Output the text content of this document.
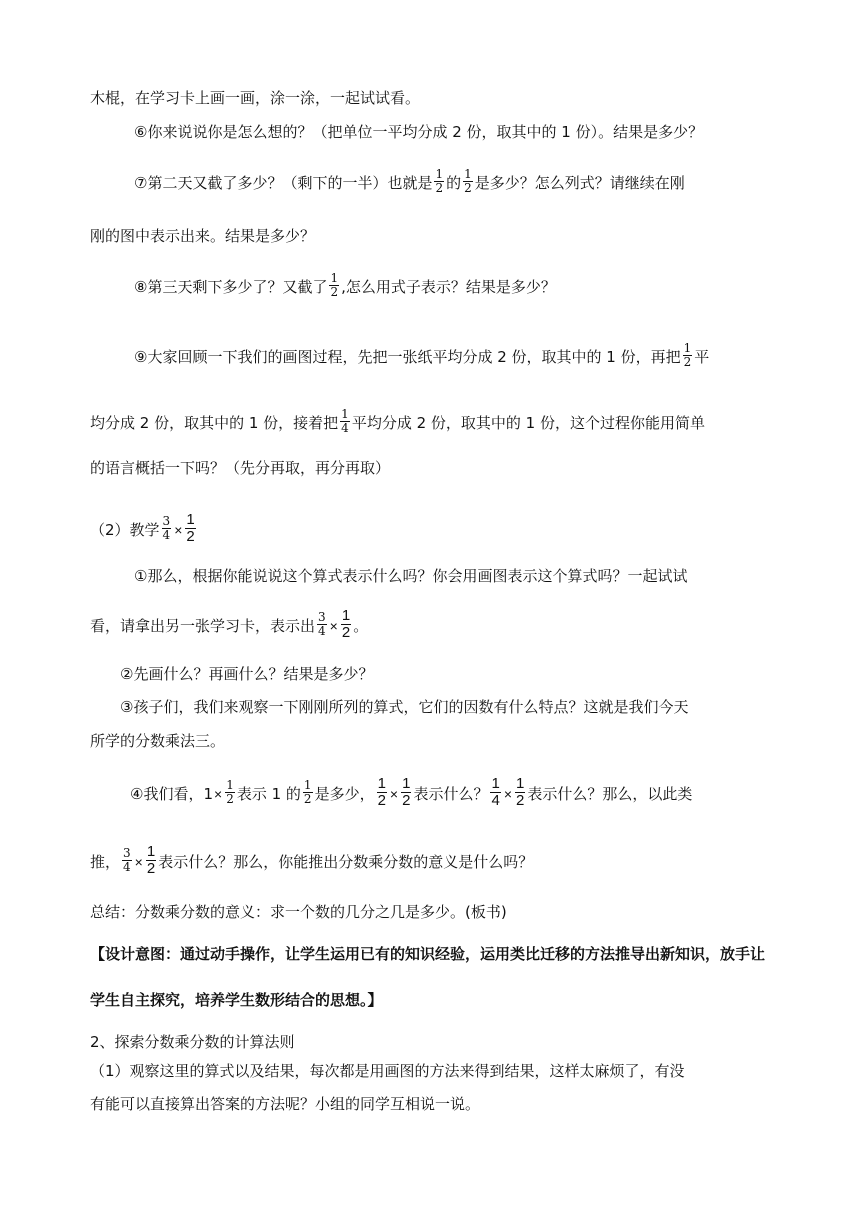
木棍，在学习卡上画一画，涂一涂，一起试试看。
⑥你来说说你是怎么想的？（把单位一平均分成 2 份，取其中的 1 份）。结果是多少？
⑦第二天又截了多少？（剩下的一半）也就是 $\frac{1}{2}$ 的 $\frac{1}{2}$ 是多少？怎么列式？请继续在刚
刚的图中表示出来。结果是多少？
⑧第三天剩下多少了？又截了 $\frac{1}{2}$ ,怎么用式子表示？结果是多少？
⑨大家回顾一下我们的画图过程，先把一张纸平均分成 2 份，取其中的 1 份，再把 $\frac{1}{2}$ 平
均分成 2 份，取其中的 1 份，接着把 $\frac{1}{4}$ 平均分成 2 份，取其中的 1 份，这个过程你能用简单
的语言概括一下吗？（先分再取，再分再取）
（2）教学 $\frac{3}{4} \times \frac{1}{2}$
①那么，根据你能说说这个算式表示什么吗？你会用画图表示这个算式吗？一起试试
看，请拿出另一张学习卡，表示出 $\frac{3}{4} \times \frac{1}{2}$ 。
②先画什么？再画什么？结果是多少？
③孩子们，我们来观察一下刚刚所列的算式，它们的因数有什么特点？这就是我们今天
所学的分数乘法三。
④我们看，$1\times \frac{1}{2}$ 表示 1 的 $\frac{1}{2}$ 是多少， $\frac{1}{2} \times \frac{1}{2}$ 表示什么？ $\frac{1}{4} \times \frac{1}{2}$ 表示什么？那么，以此类
推， $\frac{3}{4} \times \frac{1}{2}$ 表示什么？那么，你能推出分数乘分数的意义是什么吗？
总结：分数乘分数的意义：求一个数的几分之几是多少。(板书)
【设计意图：通过动手操作，让学生运用已有的知识经验，运用类比迁移的方法推导出新知识，放手让
学生自主探究，培养学生数形结合的思想。】
2、探索分数乘分数的计算法则
（1）观察这里的算式以及结果，每次都是用画图的方法来得到结果，这样太麻烦了，有没
有能可以直接算出答案的方法呢？小组的同学互相说一说。
